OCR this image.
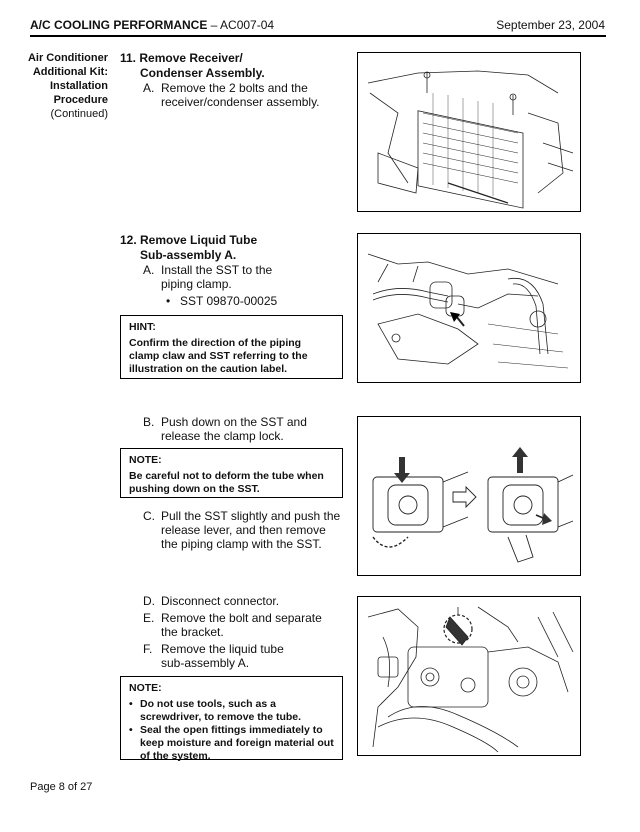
A/C COOLING PERFORMANCE – AC007-04	September 23, 2004
Air Conditioner
Additional Kit:
Installation
Procedure
(Continued)
11. Remove Receiver/
Condenser Assembly.
A. Remove the 2 bolts and the
receiver/condenser assembly.
12. Remove Liquid Tube
Sub-assembly A.
A. Install the SST to the
piping clamp.
• SST 09870-00025
HINT:
Confirm the direction of the piping clamp claw and SST referring to the illustration on the caution label.
B. Push down on the SST and
release the clamp lock.
NOTE:
Be careful not to deform the tube when pushing down on the SST.
C. Pull the SST slightly and push the
release lever, and then remove
the piping clamp with the SST.
D. Disconnect connector.
E. Remove the bolt and separate
the bracket.
F. Remove the liquid tube
sub-assembly A.
NOTE:
• Do not use tools, such as a screwdriver, to remove the tube.
• Seal the open fittings immediately to keep moisture and foreign material out of the system.
Page 8 of 27
